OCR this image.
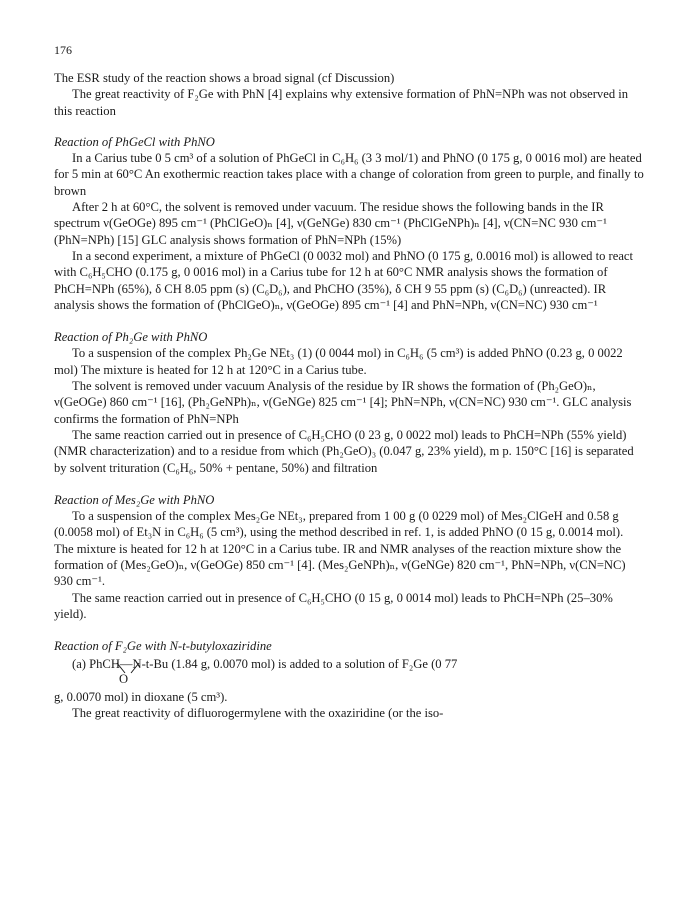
176

The ESR study of the reaction shows a broad signal (cf Discussion)

The great reactivity of F₂Ge with PhN [4] explains why extensive formation of PhN=NPh was not observed in this reaction

Reaction of PhGeCl with PhNO

In a Carius tube 0 5 cm³ of a solution of PhGeCl in C₆H₆ (3 3 mol/1) and PhNO (0 175 g, 0 0016 mol) are heated for 5 min at 60°C An exothermic reaction takes place with a change of coloration from green to purple, and finally to brown

After 2 h at 60°C, the solvent is removed under vacuum. The residue shows the following bands in the IR spectrum ν(GeOGe) 895 cm⁻¹ (PhClGeO)ₙ [4], ν(GeNGe) 830 cm⁻¹ (PhClGeNPh)ₙ [4], ν(CN=NC 930 cm⁻¹ (PhN=NPh) [15] GLC analysis shows formation of PhN=NPh (15%)

In a second experiment, a mixture of PhGeCl (0 0032 mol) and PhNO (0 175 g, 0.0016 mol) is allowed to react with C₆H₅CHO (0.175 g, 0 0016 mol) in a Carius tube for 12 h at 60°C NMR analysis shows the formation of PhCH=NPh (65%), δ CH 8.05 ppm (s) (C₆D₆), and PhCHO (35%), δ CH 9 55 ppm (s) (C₆D₆) (unreacted). IR analysis shows the formation of (PhClGeO)ₙ, ν(GeOGe) 895 cm⁻¹ [4] and PhN=NPh, ν(CN=NC) 930 cm⁻¹

Reaction of Ph₂Ge with PhNO

To a suspension of the complex Ph₂Ge NEt₃ (1) (0 0044 mol) in C₆H₆ (5 cm³) is added PhNO (0.23 g, 0 0022 mol) The mixture is heated for 12 h at 120°C in a Carius tube.

The solvent is removed under vacuum Analysis of the residue by IR shows the formation of (Ph₂GeO)ₙ, ν(GeOGe) 860 cm⁻¹ [16], (Ph₂GeNPh)ₙ, ν(GeNGe) 825 cm⁻¹ [4]; PhN=NPh, ν(CN=NC) 930 cm⁻¹. GLC analysis confirms the formation of PhN=NPh

The same reaction carried out in presence of C₆H₅CHO (0 23 g, 0 0022 mol) leads to PhCH=NPh (55% yield) (NMR characterization) and to a residue from which (Ph₂GeO)₃ (0.047 g, 23% yield), m p. 150°C [16] is separated by solvent trituration (C₆H₆, 50% + pentane, 50%) and filtration

Reaction of Mes₂Ge with PhNO

To a suspension of the complex Mes₂Ge NEt₃, prepared from 1 00 g (0 0229 mol) of Mes₂ClGeH and 0.58 g (0.0058 mol) of Et₃N in C₆H₆ (5 cm³), using the method described in ref. 1, is added PhNO (0 15 g, 0.0014 mol). The mixture is heated for 12 h at 120°C in a Carius tube. IR and NMR analyses of the reaction mixture show the formation of (Mes₂GeO)ₙ, ν(GeOGe) 850 cm⁻¹ [4]. (Mes₂GeNPh)ₙ, ν(GeNGe) 820 cm⁻¹, PhN=NPh, ν(CN=NC) 930 cm⁻¹.

The same reaction carried out in presence of C₆H₅CHO (0 15 g, 0 0014 mol) leads to PhCH=NPh (25–30% yield).

Reaction of F₂Ge with N-t-butyloxaziridine

(a) PhCH—N-t-Bu (1.84 g, 0.0070 mol) is added to a solution of F₂Ge (0 77
O

g, 0.0070 mol) in dioxane (5 cm³).

The great reactivity of difluorogermylene with the oxaziridine (or the iso-
